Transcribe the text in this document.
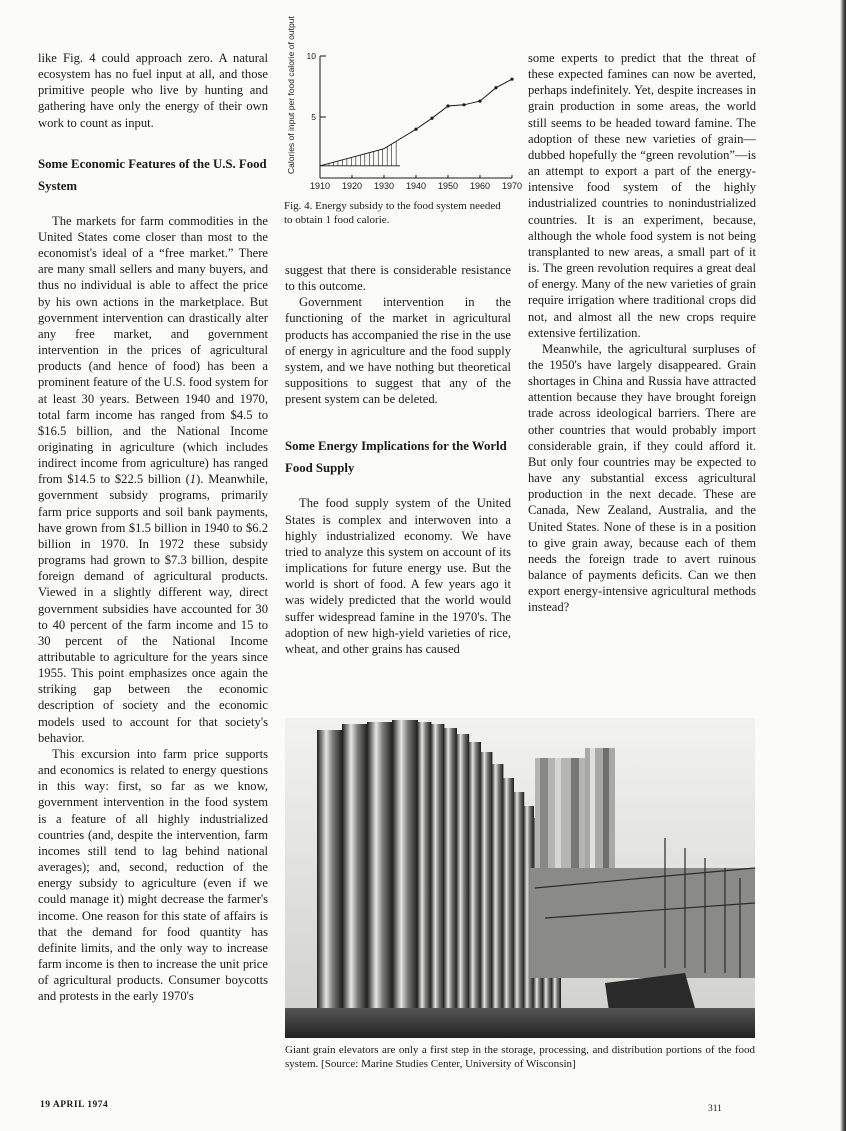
like Fig. 4 could approach zero. A natural ecosystem has no fuel input at all, and those primitive people who live by hunting and gathering have only the energy of their own work to count as input.

Some Economic Features of the U.S. Food System

The markets for farm commodities in the United States come closer than most to the economist's ideal of a “free market.” There are many small sellers and many buyers, and thus no individual is able to affect the price by his own actions in the marketplace. But government intervention can drastically alter any free market, and government intervention in the prices of agricultural products (and hence of food) has been a prominent feature of the U.S. food system for at least 30 years. Between 1940 and 1970, total farm income has ranged from $4.5 to $16.5 billion, and the National Income originating in agriculture (which includes indirect income from agriculture) has ranged from $14.5 to $22.5 billion (1). Meanwhile, government subsidy programs, primarily farm price supports and soil bank payments, have grown from $1.5 billion in 1940 to $6.2 billion in 1970. In 1972 these subsidy programs had grown to $7.3 billion, despite foreign demand of agricultural products. Viewed in a slightly different way, direct government subsidies have accounted for 30 to 40 percent of the farm income and 15 to 30 percent of the National Income attributable to agriculture for the years since 1955. This point emphasizes once again the striking gap between the economic description of society and the economic models used to account for that society's behavior.

This excursion into farm price supports and economics is related to energy questions in this way: first, so far as we know, government intervention in the food system is a feature of all highly industrialized countries (and, despite the intervention, farm incomes still tend to lag behind national averages); and, second, reduction of the energy subsidy to agriculture (even if we could manage it) might decrease the farmer's income. One reason for this state of affairs is that the demand for food quantity has definite limits, and the only way to increase farm income is then to increase the unit price of agricultural products. Consumer boycotts and protests in the early 1970's

Calories of input per food calorie of output 5
10
1910 1920 1930 1940 1950 1960 1970
Fig. 4. Energy subsidy to the food system needed to obtain 1 food calorie.

suggest that there is considerable resistance to this outcome.

Government intervention in the functioning of the market in agricultural products has accompanied the rise in the use of energy in agriculture and the food supply system, and we have nothing but theoretical suppositions to suggest that any of the present system can be deleted.

Some Energy Implications for the World Food Supply

The food supply system of the United States is complex and interwoven into a highly industrialized economy. We have tried to analyze this system on account of its implications for future energy use. But the world is short of food. A few years ago it was widely predicted that the world would suffer widespread famine in the 1970's. The adoption of new high-yield varieties of rice, wheat, and other grains has caused

some experts to predict that the threat of these expected famines can now be averted, perhaps indefinitely. Yet, despite increases in grain production in some areas, the world still seems to be headed toward famine. The adoption of these new varieties of grain—dubbed hopefully the “green revolution”—is an attempt to export a part of the energy-intensive food system of the highly industrialized countries to nonindustrialized countries. It is an experiment, because, although the whole food system is not being transplanted to new areas, a small part of it is. The green revolution requires a great deal of energy. Many of the new varieties of grain require irrigation where traditional crops did not, and almost all the new crops require extensive fertilization.

Meanwhile, the agricultural surpluses of the 1950's have largely disappeared. Grain shortages in China and Russia have attracted attention because they have brought foreign trade across ideological barriers. There are other countries that would probably import considerable grain, if they could afford it. But only four countries may be expected to have any substantial excess agricultural production in the next decade. These are Canada, New Zealand, Australia, and the United States. None of these is in a position to give grain away, because each of them needs the foreign trade to avert ruinous balance of payments deficits. Can we then export energy-intensive agricultural methods instead?

Giant grain elevators are only a first step in the storage, processing, and distribution portions of the food system. [Source: Marine Studies Center, University of Wisconsin]
19 APRIL 1974	311
